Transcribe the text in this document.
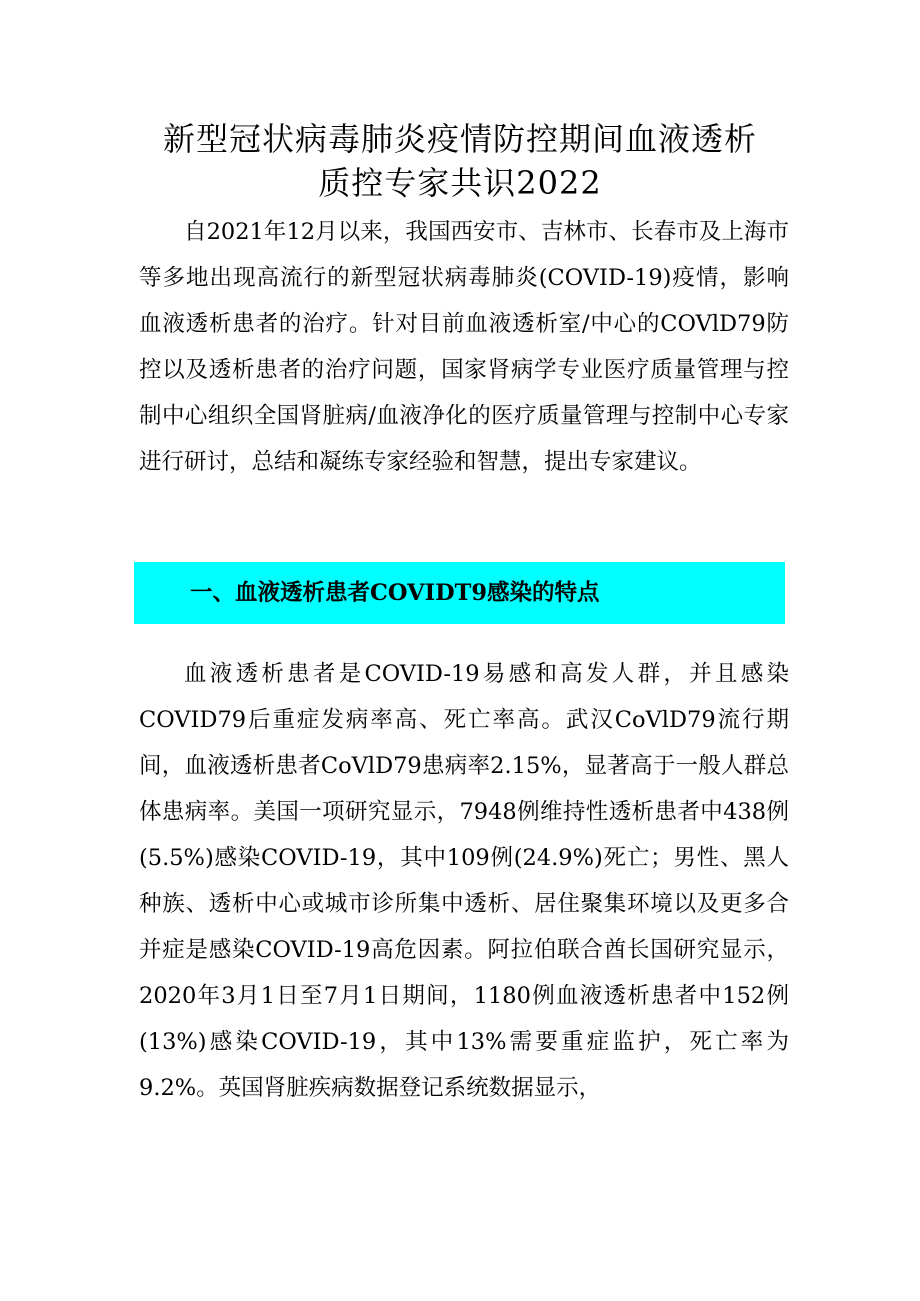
新型冠状病毒肺炎疫情防控期间血液透析
质控专家共识2022

自2021年12月以来，我国西安市、吉林市、长春市及上海市等多地出现高流行的新型冠状病毒肺炎(COVID-19)疫情，影响血液透析患者的治疗。针对目前血液透析室/中心的COVlD79防控以及透析患者的治疗问题，国家肾病学专业医疗质量管理与控制中心组织全国肾脏病/血液净化的医疗质量管理与控制中心专家进行研讨，总结和凝练专家经验和智慧，提出专家建议。

一、血液透析患者COVIDT9感染的特点

血液透析患者是COVID-19易感和高发人群，并且感染COVID79后重症发病率高、死亡率高。武汉CoVlD79流行期间，血液透析患者CoVlD79患病率2.15%，显著高于一般人群总体患病率。美国一项研究显示，7948例维持性透析患者中438例(5.5%)感染COVID-19，其中109例(24.9%)死亡；男性、黑人种族、透析中心或城市诊所集中透析、居住聚集环境以及更多合并症是感染COVID-19高危因素。阿拉伯联合酋长国研究显示，2020年3月1日至7月1日期间，1180例血液透析患者中152例(13%)感染COVID-19，其中13%需要重症监护，死亡率为9.2%。英国肾脏疾病数据登记系统数据显示，
